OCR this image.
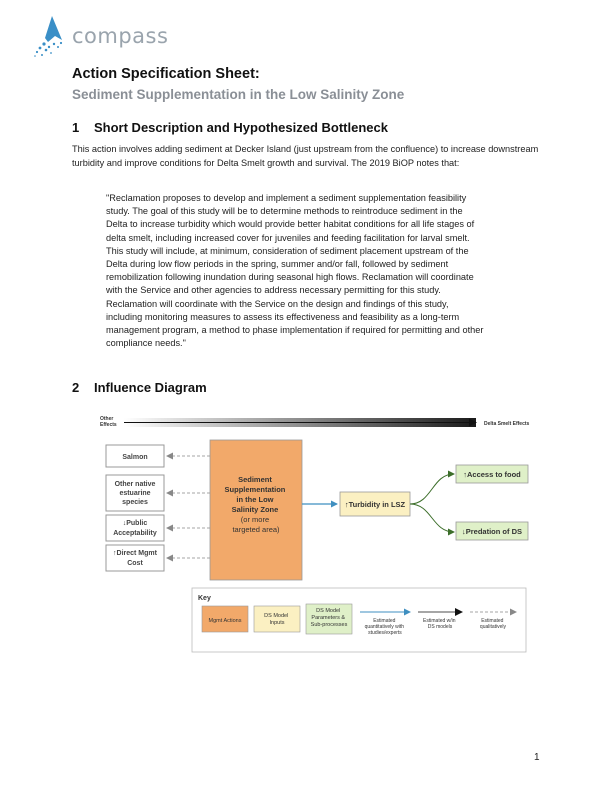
compass
Action Specification Sheet:
Sediment Supplementation in the Low Salinity Zone
1 Short Description and Hypothesized Bottleneck
This action involves adding sediment at Decker Island (just upstream from the confluence) to increase downstream turbidity and improve conditions for Delta Smelt growth and survival. The 2019 BiOP notes that:
"Reclamation proposes to develop and implement a sediment supplementation feasibility study. The goal of this study will be to determine methods to reintroduce sediment in the Delta to increase turbidity which would provide better habitat conditions for all life stages of delta smelt, including increased cover for juveniles and feeding facilitation for larval smelt. This study will include, at minimum, consideration of sediment placement upstream of the Delta during low flow periods in the spring, summer and/or fall, followed by sediment remobilization following inundation during seasonal high flows. Reclamation will coordinate with the Service and other agencies to address necessary permitting for this study. Reclamation will coordinate with the Service on the design and findings of this study, including monitoring measures to assess its effectiveness and feasibility as a long-term management program, a method to phase implementation if required for permitting and other compliance needs."
2 Influence Diagram
Other Effects	Delta Smelt Effects
Salmon
Other native estuarine species
↓Public Acceptability
↑Direct Mgmt Cost
Sediment Supplementation in the Low Salinity Zone (or more targeted area)
↑Turbidity in LSZ
↑Access to food
↓Predation of DS
Key
Mgmt Actions
DS Model Inputs
DS Model Parameters & Sub-processes
Estimated quantitatively with studies/experts
Estimated w/in DS models
Estimated qualitatively
1
